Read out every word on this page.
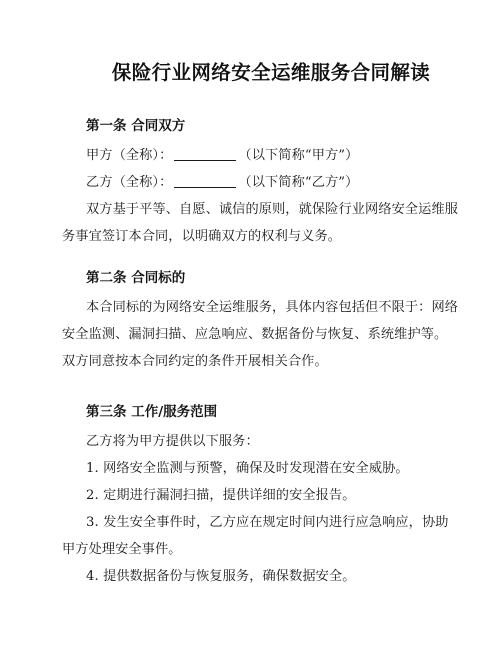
保险行业网络安全运维服务合同解读

第一条 合同双方

甲方（全称）：	（以下简称“甲方”）

乙方（全称）：	（以下简称“乙方”）

双方基于平等、自愿、诚信的原则，就保险行业网络安全运维服务事宜签订本合同，以明确双方的权利与义务。

第二条 合同标的

本合同标的为网络安全运维服务，具体内容包括但不限于：网络安全监测、漏洞扫描、应急响应、数据备份与恢复、系统维护等。双方同意按本合同约定的条件开展相关合作。

第三条 工作/服务范围

乙方将为甲方提供以下服务：

1. 网络安全监测与预警，确保及时发现潜在安全威胁。

2. 定期进行漏洞扫描，提供详细的安全报告。

3. 发生安全事件时，乙方应在规定时间内进行应急响应，协助甲方处理安全事件。

4. 提供数据备份与恢复服务，确保数据安全。
